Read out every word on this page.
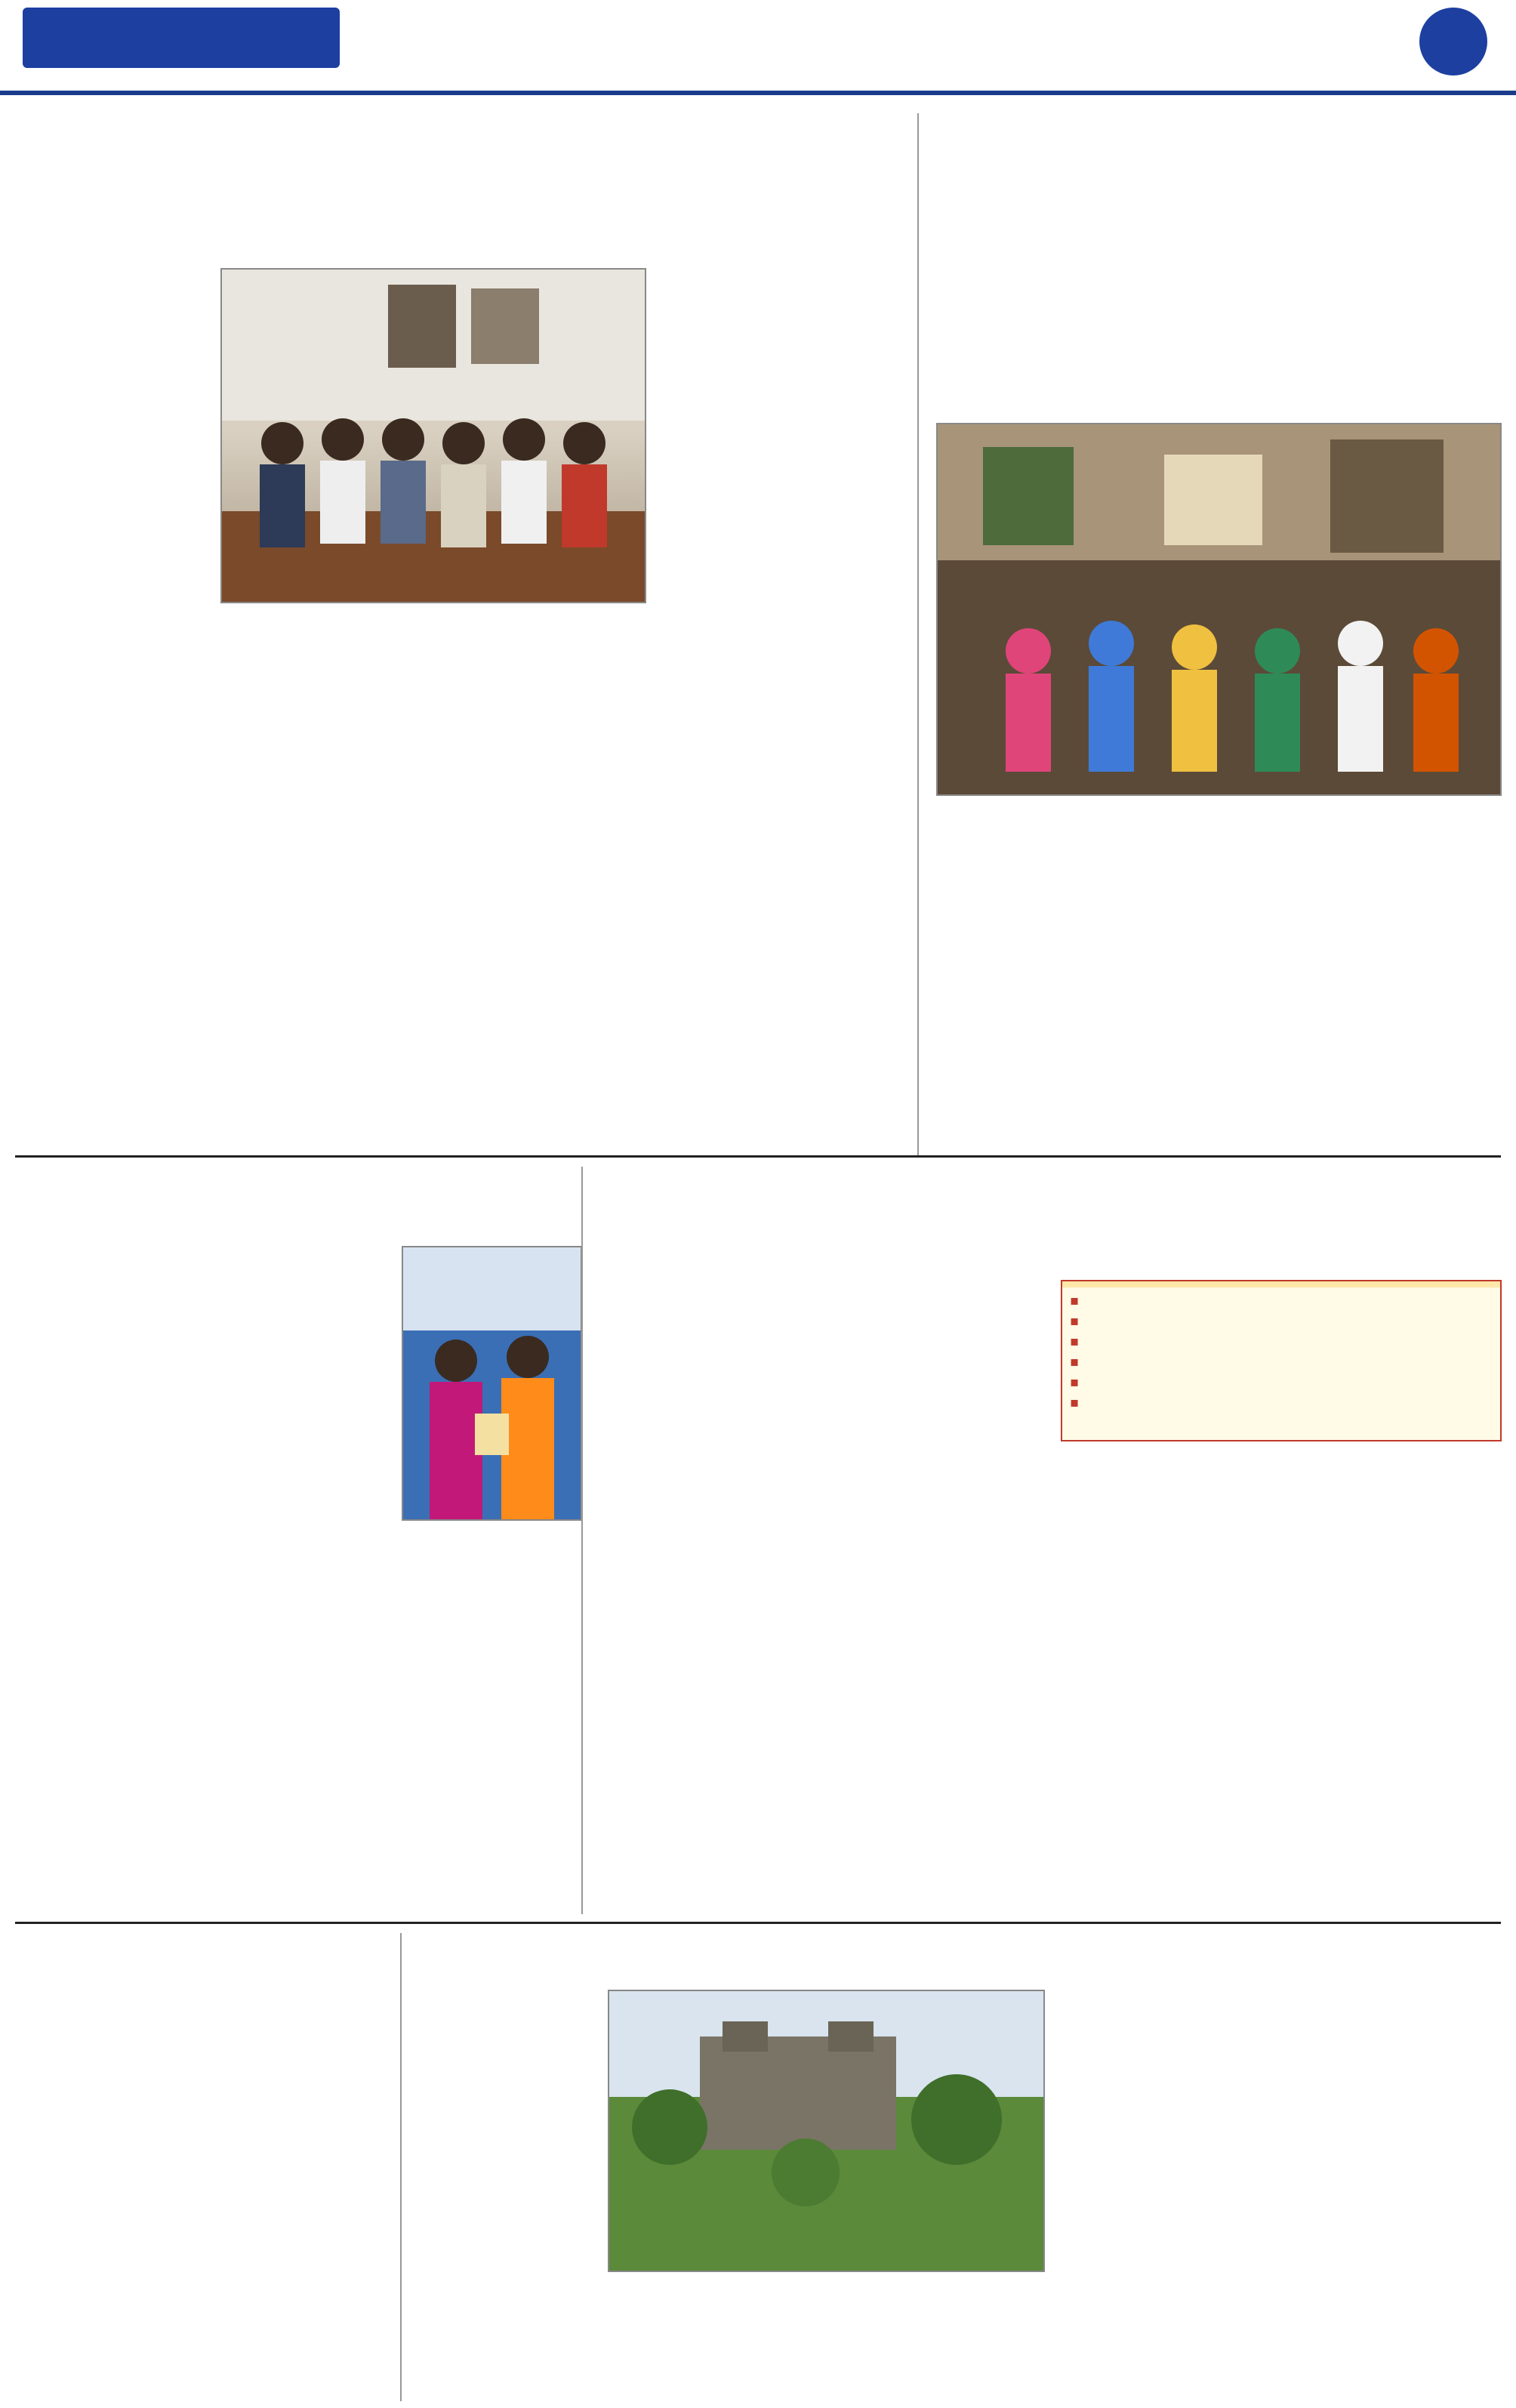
▪
▪
▪
▪
▪
▪
